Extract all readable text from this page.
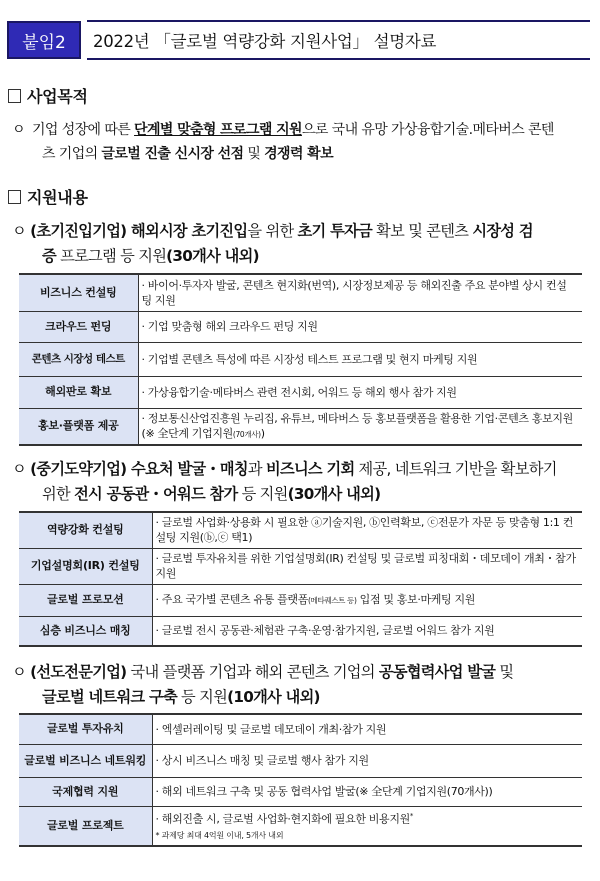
붙임2	2022년 「글로벌 역량강화 지원사업」 설명자료
사업목적
ㅇ 기업 성장에 따른 단계별 맞춤형 프로그램 지원으로 국내 유망 가상융합기술.메타버스 콘텐
츠 기업의 글로벌 진출 신시장 선점 및 경쟁력 확보
지원내용
ㅇ (초기진입기업) 해외시장 초기진입을 위한 초기 투자금 확보 및 콘텐츠 시장성 검
증 프로그램 등 지원(30개사 내외)
비즈니스 컨설팅	· 바이어·투자자 발굴, 콘텐츠 현지화(번역), 시장정보제공 등 해외진출 주요 분야별 상시 컨설팅 지원
크라우드 펀딩	· 기업 맞춤형 해외 크라우드 펀딩 지원
콘텐츠 시장성 테스트	· 기업별 콘텐츠 특성에 따른 시장성 테스트 프로그램 및 현지 마케팅 지원
해외판로 확보	· 가상융합기술·메타버스 관련 전시회, 어워드 등 해외 행사 참가 지원
홍보·플랫폼 제공	· 정보통신산업진흥원 누리집, 유튜브, 메타버스 등 홍보플랫폼을 활용한 기업·콘텐츠 홍보지원 (※ 全단계 기업지원(70개사))
ㅇ (중기도약기업) 수요처 발굴・매칭과 비즈니스 기회 제공, 네트워크 기반을 확보하기
위한 전시 공동관・어워드 참가 등 지원(30개사 내외)
역량강화 컨설팅	· 글로벌 사업화·상용화 시 필요한 ⓐ기술지원, ⓑ인력확보, ⓒ전문가 자문 등 맞춤형 1:1 컨설팅 지원(ⓑ,ⓒ 택1)
기업설명회(IR) 컨설팅	· 글로벌 투자유치를 위한 기업설명회(IR) 컨설팅 및 글로벌 피칭대회・데모데이 개최・참가 지원
글로벌 프로모션	· 주요 국가별 콘텐츠 유통 플랫폼(메타퀘스트 등) 입점 및 홍보·마케팅 지원
심층 비즈니스 매칭	· 글로벌 전시 공동관·체험관 구축·운영·참가지원, 글로벌 어워드 참가 지원
ㅇ (선도전문기업) 국내 플랫폼 기업과 해외 콘텐츠 기업의 공동협력사업 발굴 및
글로벌 네트워크 구축 등 지원(10개사 내외)
글로벌 투자유치	· 엑셀러레이팅 및 글로벌 데모데이 개최·참가 지원
글로벌 비즈니스 네트워킹	· 상시 비즈니스 매칭 및 글로벌 행사 참가 지원
국제협력 지원	· 해외 네트워크 구축 및 공동 협력사업 발굴(※ 全단계 기업지원(70개사))
글로벌 프로젝트	· 해외진출 시, 글로벌 사업화·현지화에 필요한 비용지원*
* 과제당 최대 4억원 이내, 5개사 내외
